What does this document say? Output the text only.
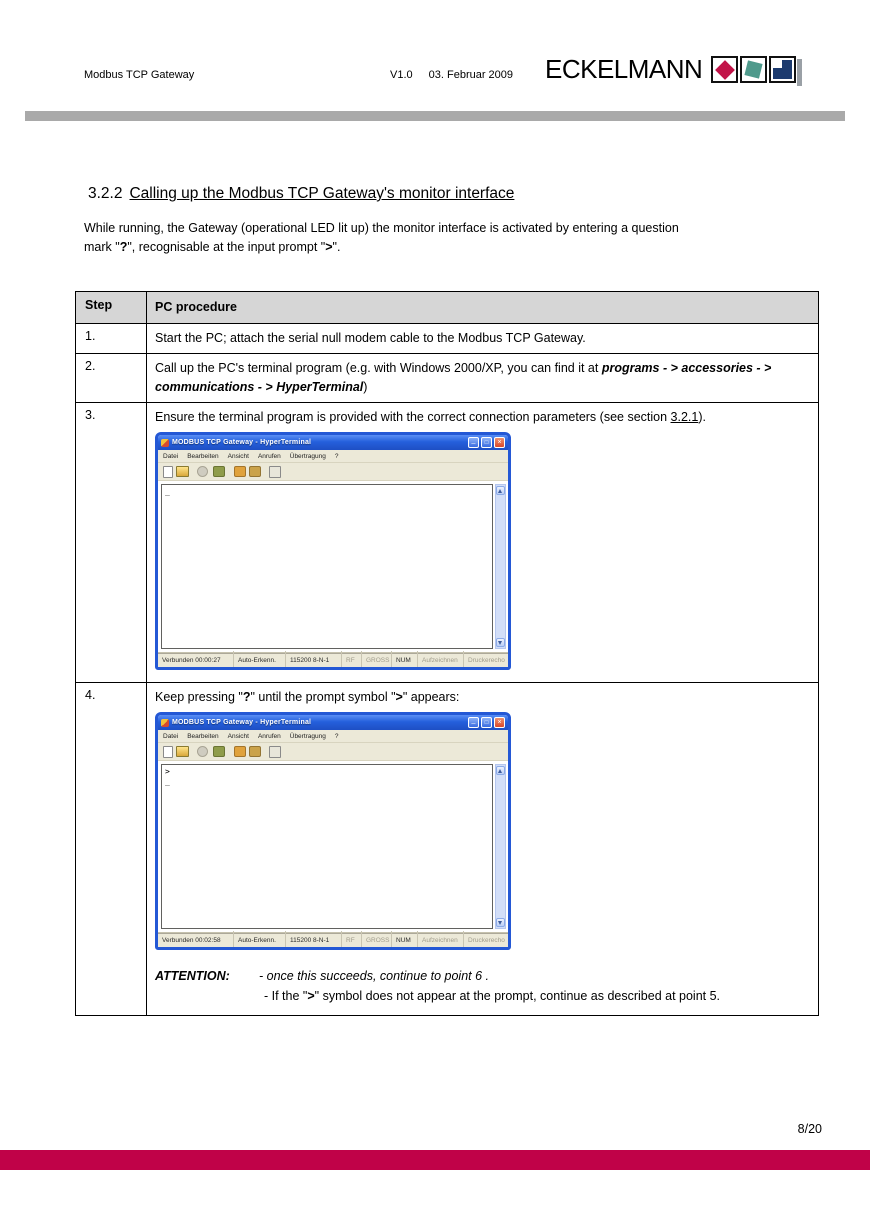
Modbus TCP Gateway	V1.0 03. Februar 2009 ECKELMANN
3.2.2 Calling up the Modbus TCP Gateway's monitor interface
While running, the Gateway (operational LED lit up) the monitor interface is activated by entering a question
mark "?", recognisable at the input prompt ">".
Step	PC procedure
1.	Start the PC; attach the serial null modem cable to the Modbus TCP Gateway.
2.	Call up the PC's terminal program (e.g. with Windows 2000/XP, you can find it at programs - > accessories - > communications - > HyperTerminal)
3.	Ensure the terminal program is provided with the correct connection parameters (see section 3.2.1).
MODBUS TCP Gateway - HyperTerminal
_
□
×
Datei Bearbeiten Ansicht Anrufen Übertragung ?
_
Verbunden 00:00:27	Auto-Erkenn.	115200 8-N-1	RF	GROSS	NUM	Aufzeichnen	Druckerecho
4.	Keep pressing "?" until the prompt symbol ">" appears:
MODBUS TCP Gateway - HyperTerminal
_
□
×
Datei Bearbeiten Ansicht Anrufen Übertragung ?
>
_
Verbunden 00:02:58	Auto-Erkenn.	115200 8-N-1	RF	GROSS	NUM	Aufzeichnen	Druckerecho
ATTENTION:	- once this succeeds, continue to point 6 .
- If the ">" symbol does not appear at the prompt, continue as described at point 5.
8/20
